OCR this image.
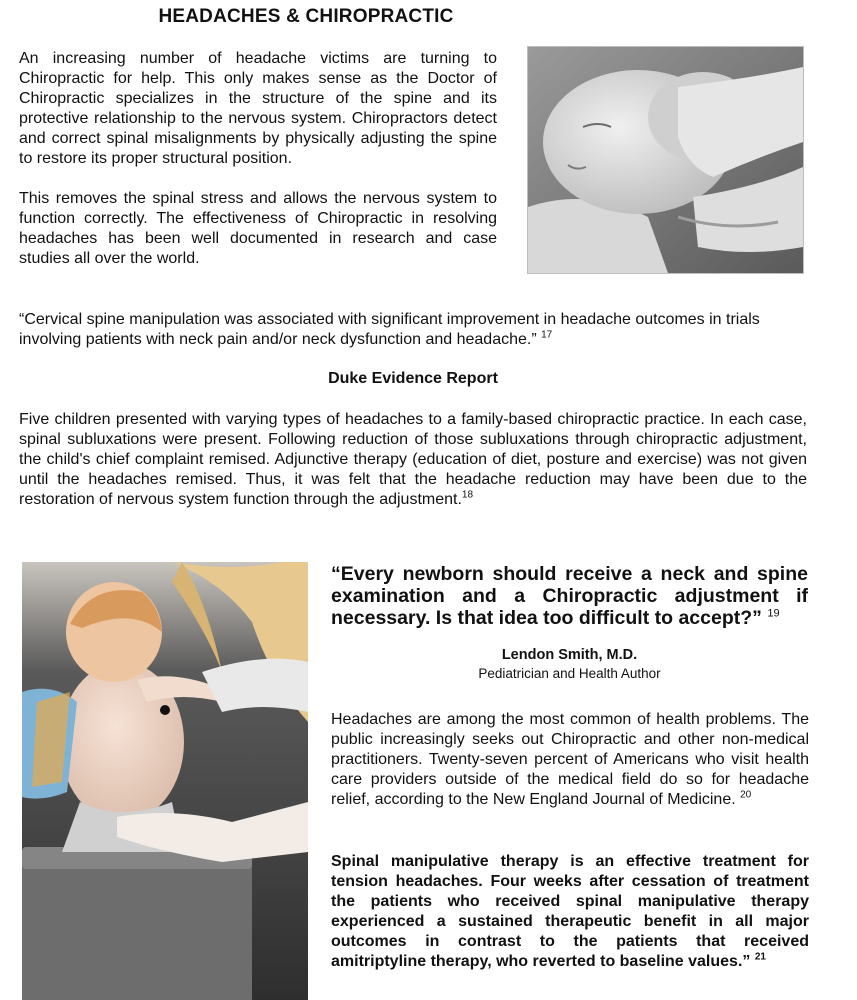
HEADACHES & CHIROPRACTIC

An increasing number of headache victims are turning to Chiropractic for help. This only makes sense as the Doctor of Chiropractic specializes in the structure of the spine and its protective relationship to the nervous system. Chiropractors detect and correct spinal misalignments by physically adjusting the spine to restore its proper structural position.

This removes the spinal stress and allows the nervous system to function correctly. The effectiveness of Chiropractic in resolving headaches has been well documented in research and case studies all over the world.

“Cervical spine manipulation was associated with significant improvement in headache outcomes in trials involving patients with neck pain and/or neck dysfunction and headache.” $^{17}$
Duke Evidence Report
Five children presented with varying types of headaches to a family-based chiropractic practice. In each case, spinal subluxations were present. Following reduction of those subluxations through chiropractic adjustment, the child's chief complaint remised. Adjunctive therapy (education of diet, posture and exercise) was not given until the headaches remised. Thus, it was felt that the headache reduction may have been due to the restoration of nervous system function through the adjustment.$^{18}$

“Every newborn should receive a neck and spine examination and a Chiropractic adjustment if necessary. Is that idea too difficult to accept?” $^{19}$

Lendon Smith, M.D.
Pediatrician and Health Author
Headaches are among the most common of health problems. The public increasingly seeks out Chiropractic and other non-medical practitioners. Twenty-seven percent of Americans who visit health care providers outside of the medical field do so for headache relief, according to the New England Journal of Medicine. $^{20}$
Spinal manipulative therapy is an effective treatment for tension headaches. Four weeks after cessation of treatment the patients who received spinal manipulative therapy experienced a sustained therapeutic benefit in all major outcomes in contrast to the patients that received amitriptyline therapy, who reverted to baseline values.” $^{21}$
